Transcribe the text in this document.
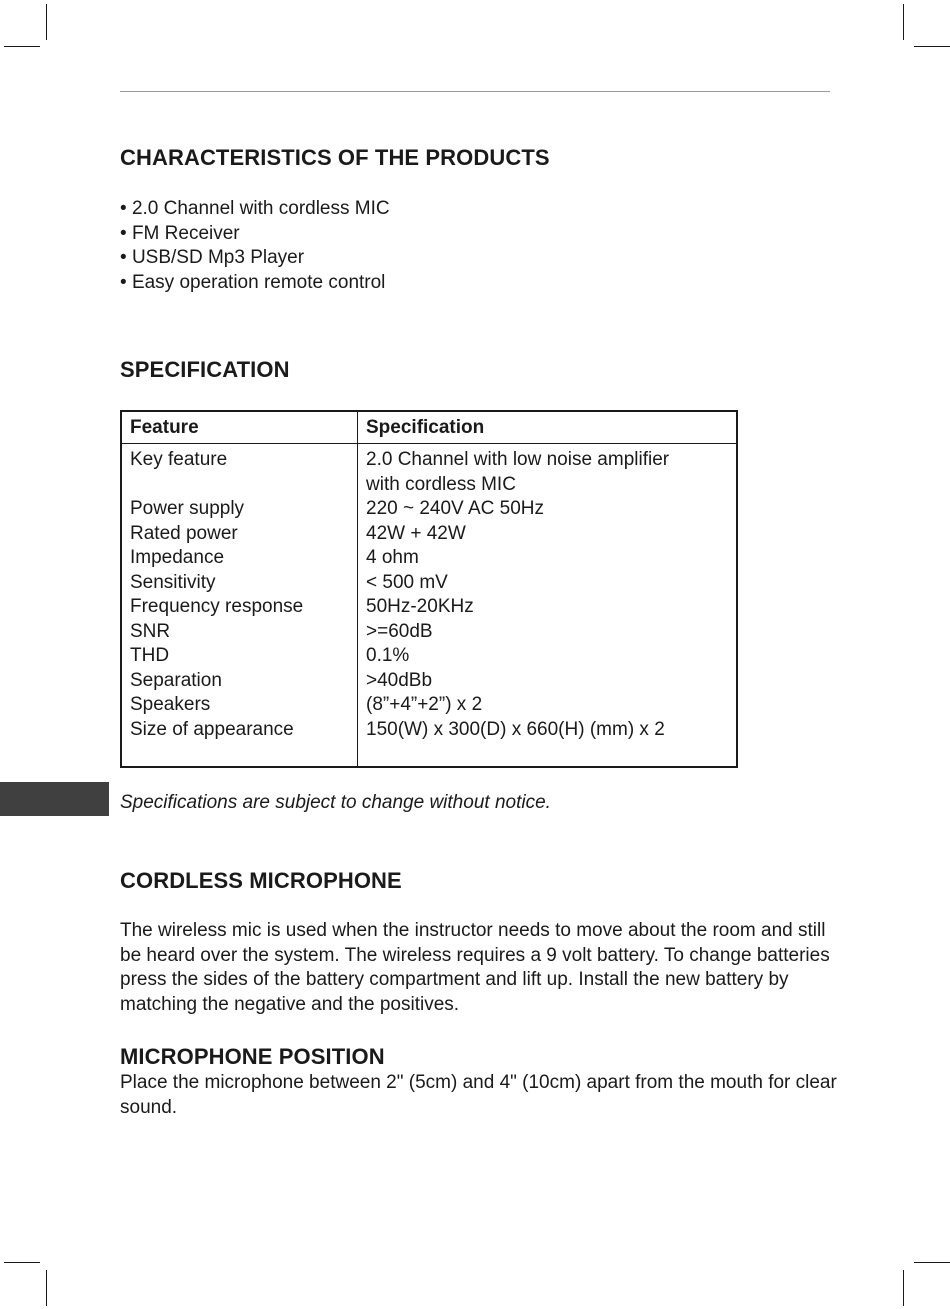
CHARACTERISTICS OF THE PRODUCTS
• 2.0 Channel with cordless MIC
• FM Receiver
• USB/SD Mp3 Player
• Easy operation remote control
SPECIFICATION
Feature	Specification
Key feature
Power supply
Rated power
Impedance
Sensitivity
Frequency response
SNR
THD
Separation
Speakers
Size of appearance
2.0 Channel with low noise amplifier
with cordless MIC
220 ~ 240V AC 50Hz
42W + 42W
4 ohm
< 500 mV
50Hz-20KHz
>=60dB
0.1%
>40dBb
(8”+4”+2”) x 2
150(W) x 300(D) x 660(H) (mm) x 2

Specifications are subject to change without notice.

CORDLESS MICROPHONE

The wireless mic is used when the instructor needs to move about the room and still be heard over the system. The wireless requires a 9 volt battery. To change batteries press the sides of the battery compartment and lift up. Install the new battery by matching the negative and the positives.

MICROPHONE POSITION

Place the microphone between 2" (5cm) and 4" (10cm) apart from the mouth for clear sound.
